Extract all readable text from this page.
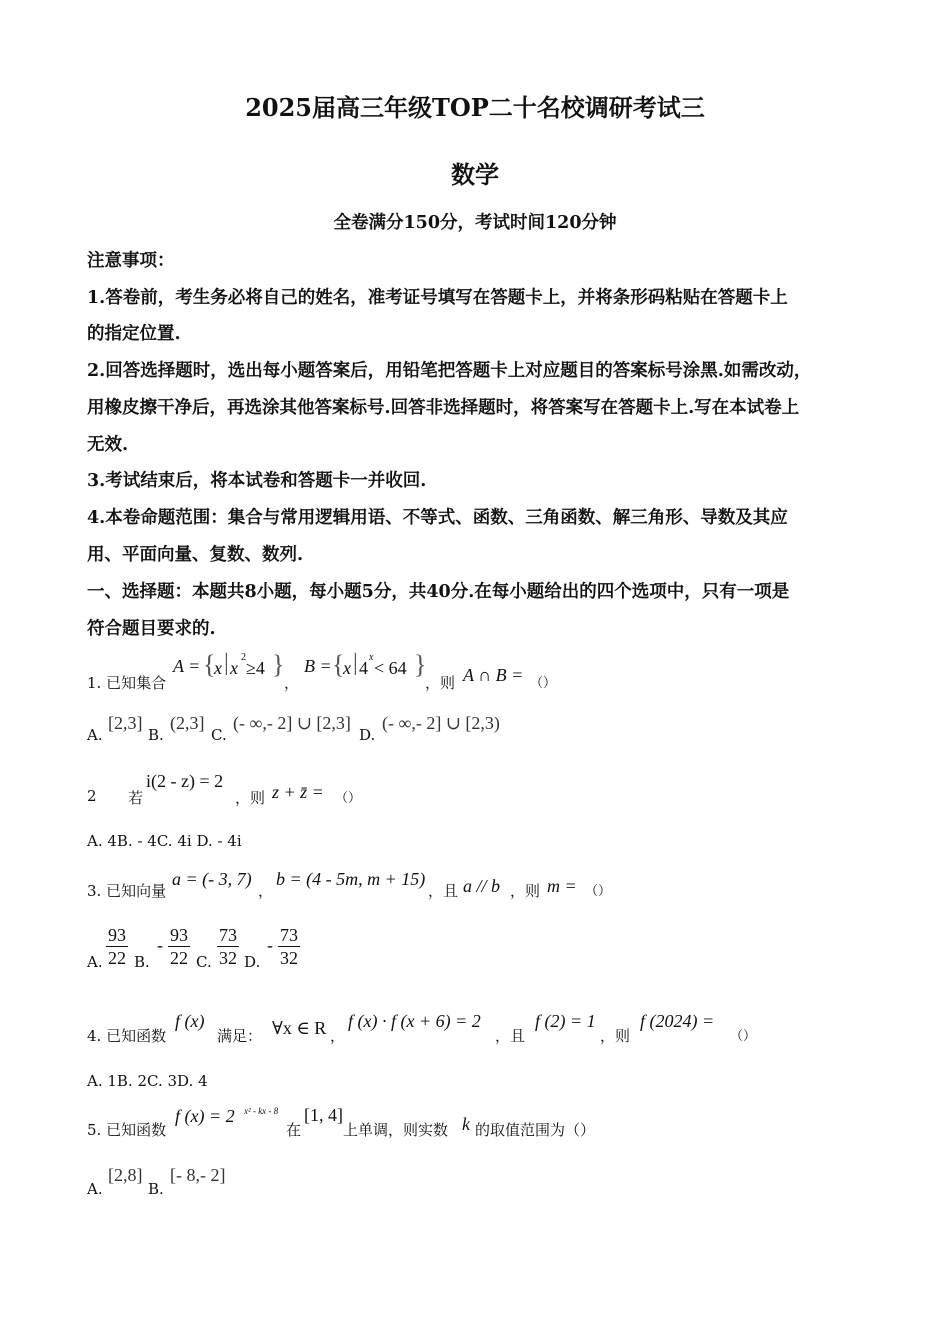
2025届高三年级TOP二十名校调研考试三
数学
全卷满分150分，考试时间120分钟
注意事项：
1.答卷前，考生务必将自己的姓名，准考证号填写在答题卡上，并将条形码粘贴在答题卡上
的指定位置.
2.回答选择题时，选出每小题答案后，用铅笔把答题卡上对应题目的答案标号涂黑.如需改动，
用橡皮擦干净后，再选涂其他答案标号.回答非选择题时，将答案写在答题卡上.写在本试卷上
无效.
3.考试结束后，将本试卷和答题卡一并收回.
4.本卷命题范围：集合与常用逻辑用语、不等式、函数、三角函数、解三角形、导数及其应
用、平面向量、复数、数列.
一、选择题：本题共8小题，每小题5分，共40分.在每小题给出的四个选项中，只有一项是
符合题目要求的.
1. 已知集合
A = {
x | x
2
≥4 }
，
B = {
x | 4
x
< 64 }
，则 A ∩ B = （）
A.
[2,3]
B.
(2,3]
C.
(- ∞,- 2] ∪ [2,3]
D.
(- ∞,- 2] ∪ [2,3)
2 若
i(2 - z) = 2
，则 z + z̄ = （）
A. 4B. - 4C. 4i D. - 4i
3. 已知向量
a = (- 3, 7)
，
b = (4 - 5m, m + 15)
，且 a // b ，则 m = （）
A. $\frac{93}{22} B$.
- $\frac{93}{22} C$. $\frac{73}{32} D$.
- $\frac{73}{32}$
4. 已知函数
f (x)
满足： ∀x ∈ R ，
f (x) · f (x + 6) = 2
，且
f (2) = 1
，则
f (2024) =
（）
A. 1B. 2C. 3D. 4
5. 已知函数
f (x) = 2 x² - kx - 8
在
[1, 4]
上单调，则实数 k 的取值范围为（）
A.
[2,8]
B.
[- 8,- 2]
